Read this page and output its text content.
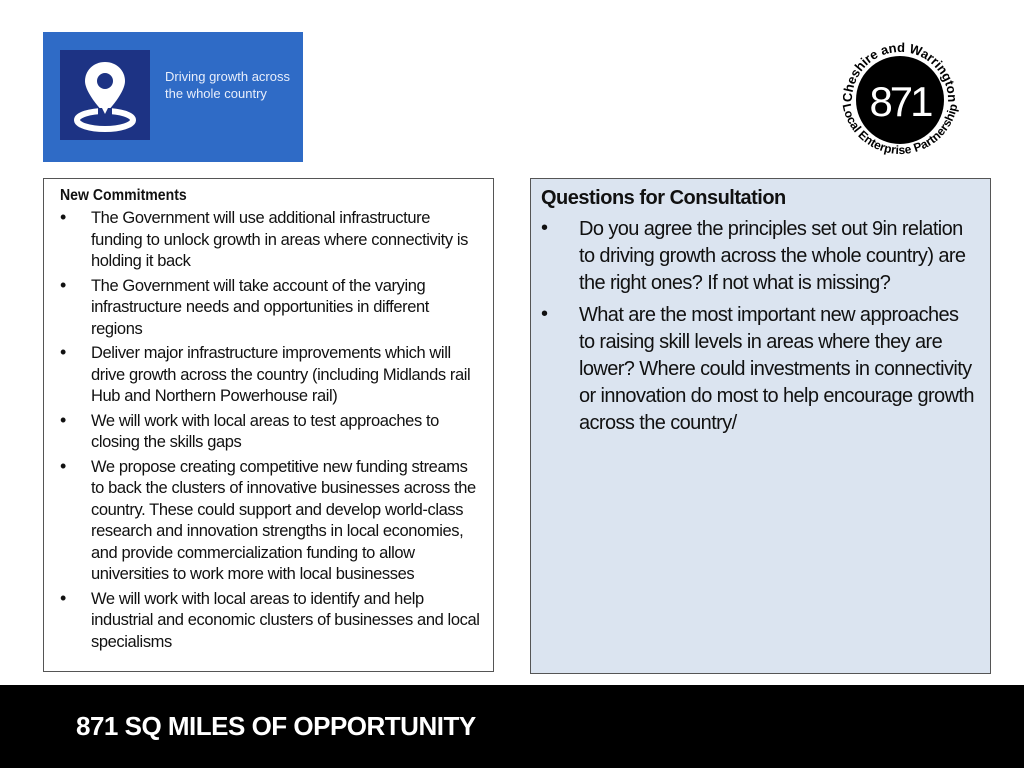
Driving growth across the whole country	871
Cheshire and Warrington
Local Enterprise Partnership
New Commitments
• The Government will use additional infrastructure funding to unlock growth in areas where connectivity is holding it back
• The Government will take account of the varying infrastructure needs and opportunities in different regions
• Deliver major infrastructure improvements which will drive growth across the country (including Midlands rail Hub and Northern Powerhouse rail)
• We will work with local areas to test approaches to closing the skills gaps
• We propose creating competitive new funding streams to back the clusters of innovative businesses across the country. These could support and develop world-class research and innovation strengths in local economies, and provide commercialization funding to allow universities to work more with local businesses
• We will work with local areas to identify and help industrial and economic clusters of businesses and local specialisms
Questions for Consultation
• Do you agree the principles set out 9in relation to driving growth across the whole country) are the right ones? If not what is missing?
• What are the most important new approaches to raising skill levels in areas where they are lower? Where could investments in connectivity or innovation do most to help encourage growth across the country/
871 SQ MILES OF OPPORTUNITY
